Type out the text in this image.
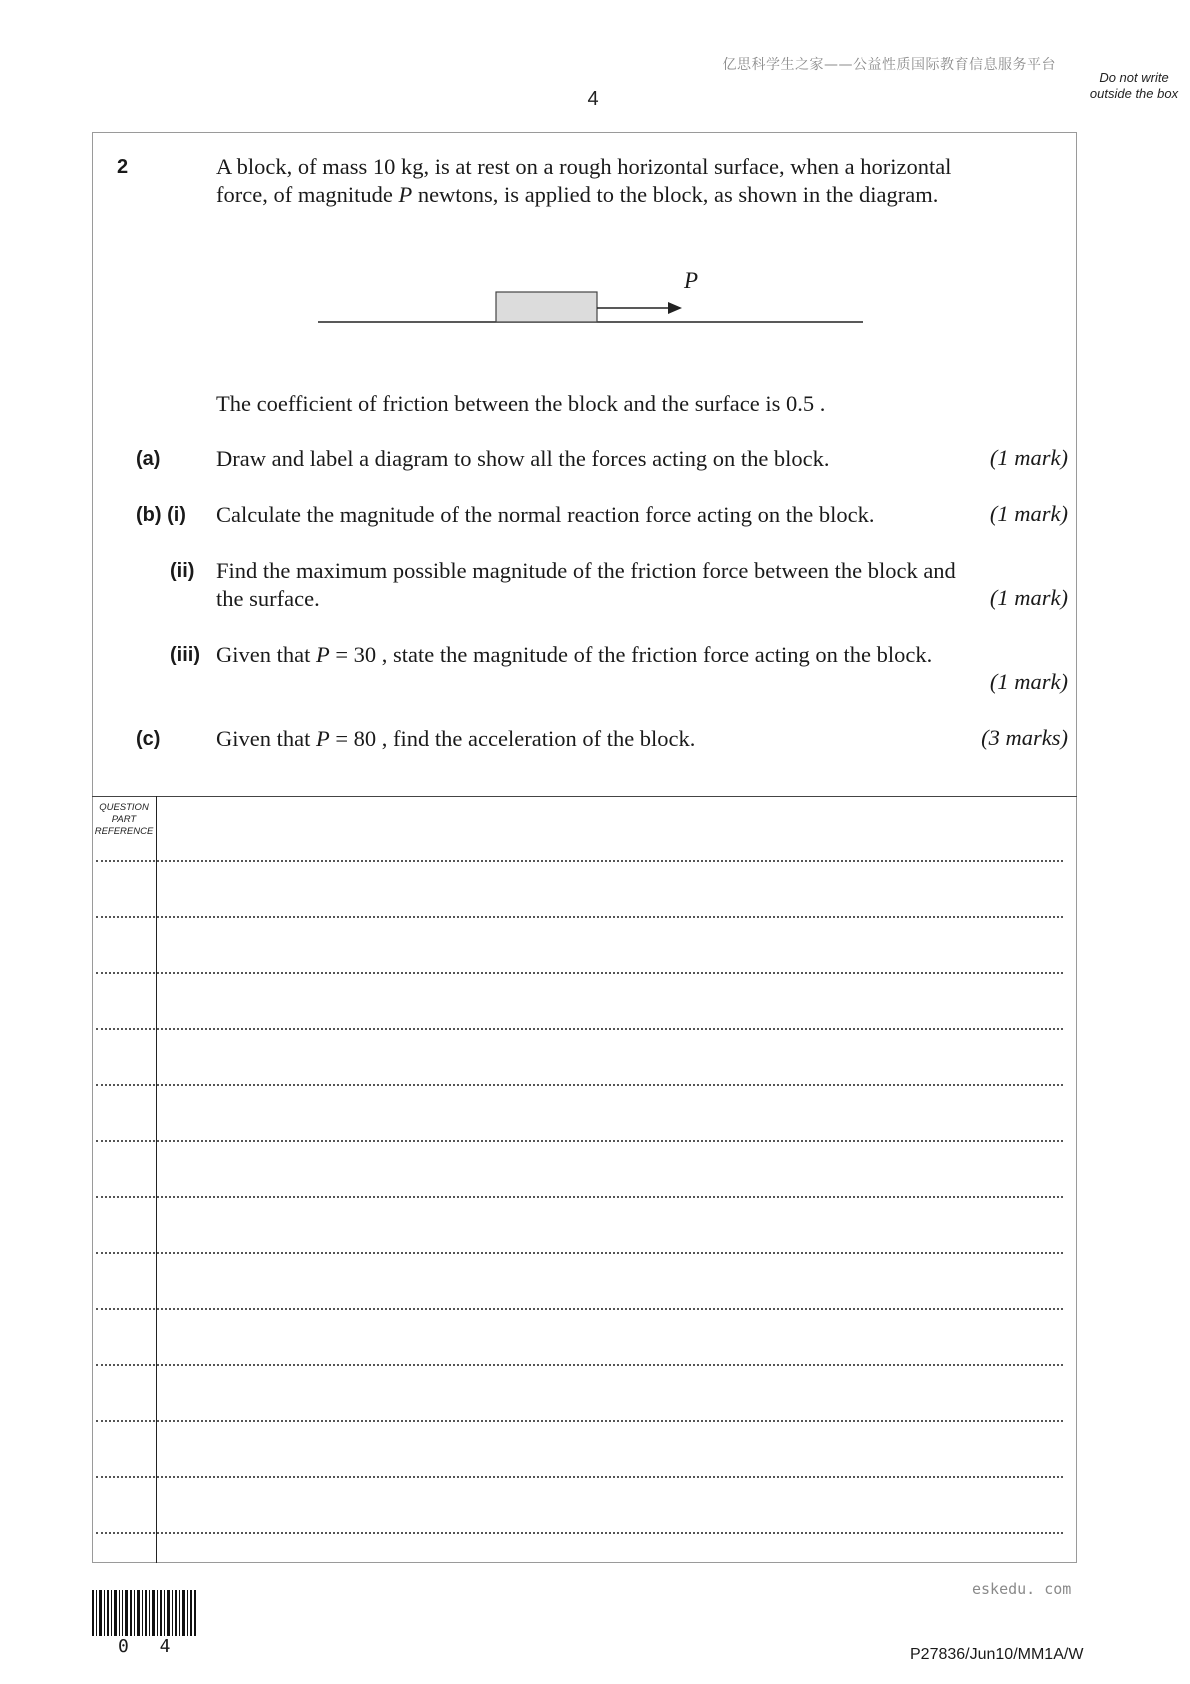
亿思科学生之家——公益性质国际教育信息服务平台
4
Do not write outside the box
2	A block, of mass 10 kg, is at rest on a rough horizontal surface, when a horizontal
force, of magnitude P newtons, is applied to the block, as shown in the diagram.
P
The coefficient of friction between the block and the surface is 0.5 .
(a) Draw and label a diagram to show all the forces acting on the block.	(1 mark)
(b) (i) Calculate the magnitude of the normal reaction force acting on the block.	(1 mark)
(ii) Find the maximum possible magnitude of the friction force between the block and
the surface.	(1 mark)
(iii) Given that P = 30 , state the magnitude of the friction force acting on the block.
(1 mark)
(c) Given that P = 80 , find the acceleration of the block.	(3 marks)
QUESTION PART REFERENCE
eskedu. com
0 4	P27836/Jun10/MM1A/W
